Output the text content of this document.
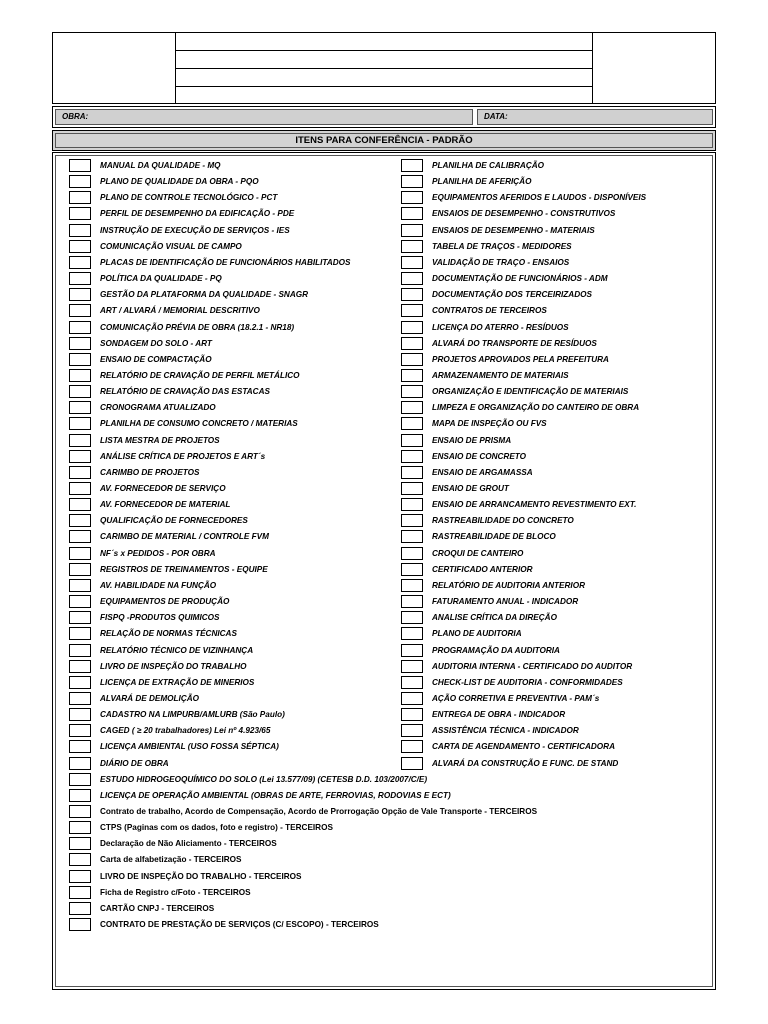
OBRA:	DATA:
ITENS PARA CONFERÊNCIA - PADRÃO
MANUAL DA QUALIDADE - MQ
PLANO DE QUALIDADE DA OBRA - PQO
PLANO DE CONTROLE TECNOLÓGICO - PCT
PERFIL DE DESEMPENHO DA EDIFICAÇÃO - PDE
INSTRUÇÃO DE EXECUÇÃO DE SERVIÇOS - IES
COMUNICAÇÃO VISUAL DE CAMPO
PLACAS DE IDENTIFICAÇÃO DE FUNCIONÁRIOS HABILITADOS
POLÍTICA DA QUALIDADE - PQ
GESTÃO DA PLATAFORMA DA QUALIDADE - SNAGR
ART / ALVARÁ / MEMORIAL DESCRITIVO
COMUNICAÇÃO PRÉVIA DE OBRA (18.2.1 - NR18)
SONDAGEM DO SOLO - ART
ENSAIO DE COMPACTAÇÃO
RELATÓRIO DE CRAVAÇÃO DE PERFIL METÁLICO
RELATÓRIO DE CRAVAÇÃO DAS ESTACAS
CRONOGRAMA ATUALIZADO
PLANILHA DE CONSUMO CONCRETO / MATERIAS
LISTA MESTRA DE PROJETOS
ANÁLISE CRÍTICA DE PROJETOS E ART´s
CARIMBO DE PROJETOS
AV. FORNECEDOR DE SERVIÇO
AV. FORNECEDOR DE MATERIAL
QUALIFICAÇÃO DE FORNECEDORES
CARIMBO DE MATERIAL / CONTROLE FVM
NF´s x PEDIDOS - POR OBRA
REGISTROS DE TREINAMENTOS - EQUIPE
AV. HABILIDADE NA FUNÇÃO
EQUIPAMENTOS DE PRODUÇÃO
FISPQ -PRODUTOS QUIMICOS
RELAÇÃO DE NORMAS TÉCNICAS
RELATÓRIO TÉCNICO DE VIZINHANÇA
LIVRO DE INSPEÇÃO DO TRABALHO
LICENÇA DE EXTRAÇÃO DE MINERIOS
ALVARÁ DE DEMOLIÇÃO
CADASTRO NA LIMPURB/AMLURB (São Paulo)
CAGED ( ≥ 20 trabalhadores) Lei nº 4.923/65
LICENÇA AMBIENTAL (USO FOSSA SÉPTICA)
DIÁRIO DE OBRA
ESTUDO HIDROGEOQUÍMICO DO SOLO (Lei 13.577/09) (CETESB D.D. 103/2007/C/E)
LICENÇA DE OPERAÇÃO AMBIENTAL (OBRAS DE ARTE, FERROVIAS, RODOVIAS E ECT)
Contrato de trabalho, Acordo de Compensação, Acordo de Prorrogação Opção de Vale Transporte - TERCEIROS
CTPS (Paginas com os dados, foto e registro) - TERCEIROS
Declaração de Não Aliciamento - TERCEIROS
Carta de alfabetização - TERCEIROS
LIVRO DE INSPEÇÃO DO TRABALHO - TERCEIROS
Ficha de Registro c/Foto - TERCEIROS
CARTÃO CNPJ - TERCEIROS
CONTRATO DE PRESTAÇÃO DE SERVIÇOS (C/ ESCOPO) - TERCEIROS
PLANILHA DE CALIBRAÇÃO
PLANILHA DE AFERIÇÃO
EQUIPAMENTOS AFERIDOS E LAUDOS - DISPONÍVEIS
ENSAIOS DE DESEMPENHO - CONSTRUTIVOS
ENSAIOS DE DESEMPENHO - MATERIAIS
TABELA DE TRAÇOS - MEDIDORES
VALIDAÇÃO DE TRAÇO - ENSAIOS
DOCUMENTAÇÃO DE FUNCIONÁRIOS - ADM
DOCUMENTAÇÃO DOS TERCEIRIZADOS
CONTRATOS DE TERCEIROS
LICENÇA DO ATERRO - RESÍDUOS
ALVARÁ DO TRANSPORTE DE RESÍDUOS
PROJETOS APROVADOS PELA PREFEITURA
ARMAZENAMENTO DE MATERIAIS
ORGANIZAÇÃO E IDENTIFICAÇÃO DE MATERIAIS
LIMPEZA E ORGANIZAÇÃO DO CANTEIRO DE OBRA
MAPA DE INSPEÇÃO OU FVS
ENSAIO DE PRISMA
ENSAIO DE CONCRETO
ENSAIO DE ARGAMASSA
ENSAIO DE GROUT
ENSAIO DE ARRANCAMENTO REVESTIMENTO EXT.
RASTREABILIDADE DO CONCRETO
RASTREABILIDADE DE BLOCO
CROQUI DE CANTEIRO
CERTIFICADO ANTERIOR
RELATÓRIO DE AUDITORIA ANTERIOR
FATURAMENTO ANUAL - INDICADOR
ANALISE CRÍTICA DA DIREÇÃO
PLANO DE AUDITORIA
PROGRAMAÇÃO DA AUDITORIA
AUDITORIA INTERNA - CERTIFICADO DO AUDITOR
CHECK-LIST DE AUDITORIA - CONFORMIDADES
AÇÃO CORRETIVA E PREVENTIVA - PAM´s
ENTREGA DE OBRA - INDICADOR
ASSISTÊNCIA TÉCNICA - INDICADOR
CARTA DE AGENDAMENTO - CERTIFICADORA
ALVARÁ DA CONSTRUÇÃO E FUNC. DE STAND
